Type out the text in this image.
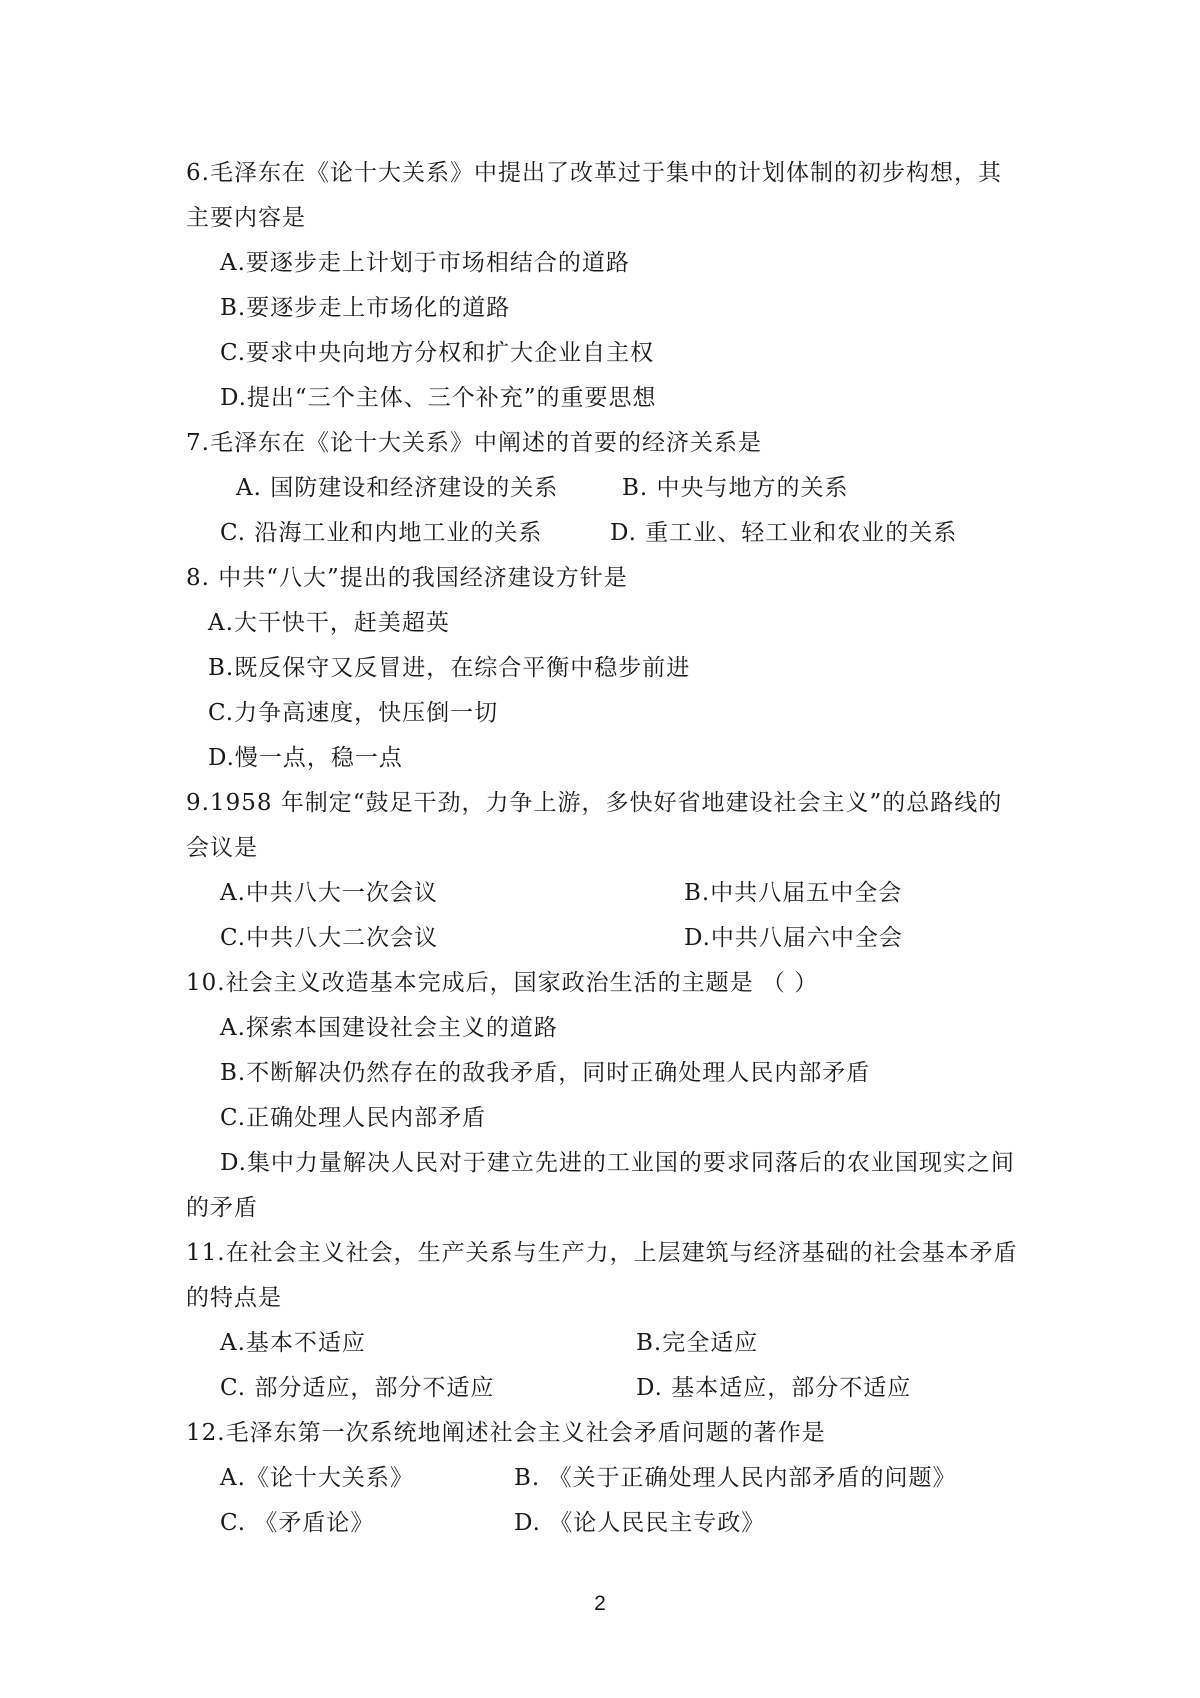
6.毛泽东在《论十大关系》中提出了改革过于集中的计划体制的初步构想，其
主要内容是
A.要逐步走上计划于市场相结合的道路
B.要逐步走上市场化的道路
C.要求中央向地方分权和扩大企业自主权
D.提出“三个主体、三个补充”的重要思想
7.毛泽东在《论十大关系》中阐述的首要的经济关系是
A. 国防建设和经济建设的关系	B. 中央与地方的关系
C. 沿海工业和内地工业的关系	D. 重工业、轻工业和农业的关系
8. 中共“八大”提出的我国经济建设方针是
A.大干快干，赶美超英
B.既反保守又反冒进，在综合平衡中稳步前进
C.力争高速度，快压倒一切
D.慢一点，稳一点
9.1958 年制定“鼓足干劲，力争上游，多快好省地建设社会主义”的总路线的
会议是
A.中共八大一次会议	B.中共八届五中全会
C.中共八大二次会议	D.中共八届六中全会
10.社会主义改造基本完成后，国家政治生活的主题是 （ ）
A.探索本国建设社会主义的道路
B.不断解决仍然存在的敌我矛盾，同时正确处理人民内部矛盾
C.正确处理人民内部矛盾
D.集中力量解决人民对于建立先进的工业国的要求同落后的农业国现实之间
的矛盾
11.在社会主义社会，生产关系与生产力，上层建筑与经济基础的社会基本矛盾
的特点是
A.基本不适应	B.完全适应
C. 部分适应，部分不适应	D. 基本适应，部分不适应
12.毛泽东第一次系统地阐述社会主义社会矛盾问题的著作是
A.《论十大关系》	B. 《关于正确处理人民内部矛盾的问题》
C. 《矛盾论》	D. 《论人民民主专政》
2
